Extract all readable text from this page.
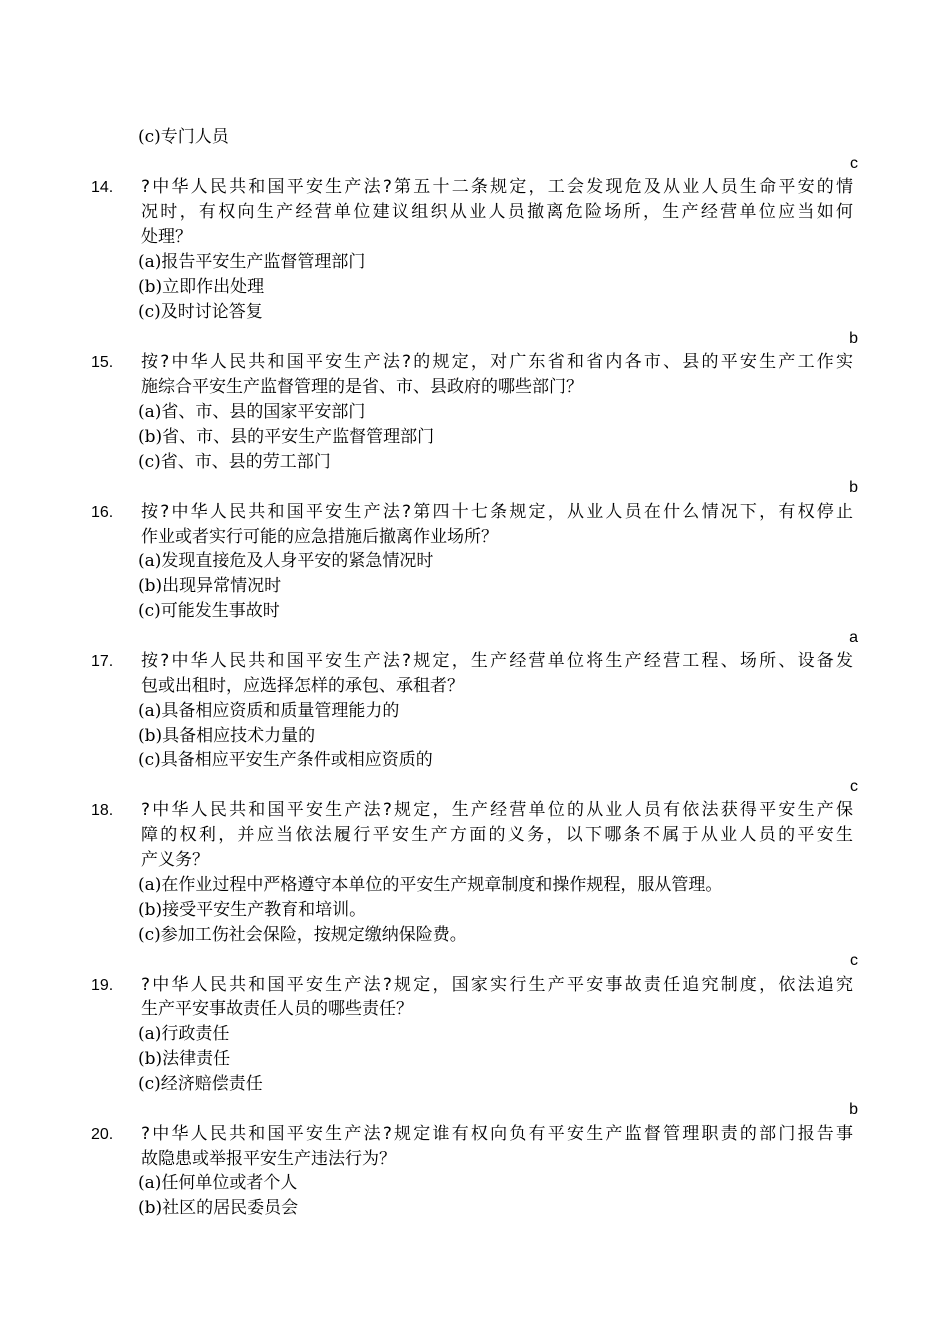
(c)专门人员
c
14. ?中华人民共和国平安生产法?第五十二条规定，工会发现危及从业人员生命平安的情
况时，有权向生产经营单位建议组织从业人员撤离危险场所，生产经营单位应当如何
处理？
(a)报告平安生产监督管理部门
(b)立即作出处理
(c)及时讨论答复
b
15. 按?中华人民共和国平安生产法?的规定，对广东省和省内各市、县的平安生产工作实
施综合平安生产监督管理的是省、市、县政府的哪些部门？
(a)省、市、县的国家平安部门
(b)省、市、县的平安生产监督管理部门
(c)省、市、县的劳工部门
b
16. 按?中华人民共和国平安生产法?第四十七条规定，从业人员在什么情况下，有权停止
作业或者实行可能的应急措施后撤离作业场所？
(a)发现直接危及人身平安的紧急情况时
(b)出现异常情况时
(c)可能发生事故时
a
17. 按?中华人民共和国平安生产法?规定，生产经营单位将生产经营工程、场所、设备发
包或出租时，应选择怎样的承包、承租者？
(a)具备相应资质和质量管理能力的
(b)具备相应技术力量的
(c)具备相应平安生产条件或相应资质的
c
18. ?中华人民共和国平安生产法?规定，生产经营单位的从业人员有依法获得平安生产保
障的权利，并应当依法履行平安生产方面的义务，以下哪条不属于从业人员的平安生
产义务？
(a)在作业过程中严格遵守本单位的平安生产规章制度和操作规程，服从管理。
(b)接受平安生产教育和培训。
(c)参加工伤社会保险，按规定缴纳保险费。
c
19. ?中华人民共和国平安生产法?规定，国家实行生产平安事故责任追究制度，依法追究
生产平安事故责任人员的哪些责任？
(a)行政责任
(b)法律责任
(c)经济赔偿责任
b
20. ?中华人民共和国平安生产法?规定谁有权向负有平安生产监督管理职责的部门报告事
故隐患或举报平安生产违法行为？
(a)任何单位或者个人
(b)社区的居民委员会
